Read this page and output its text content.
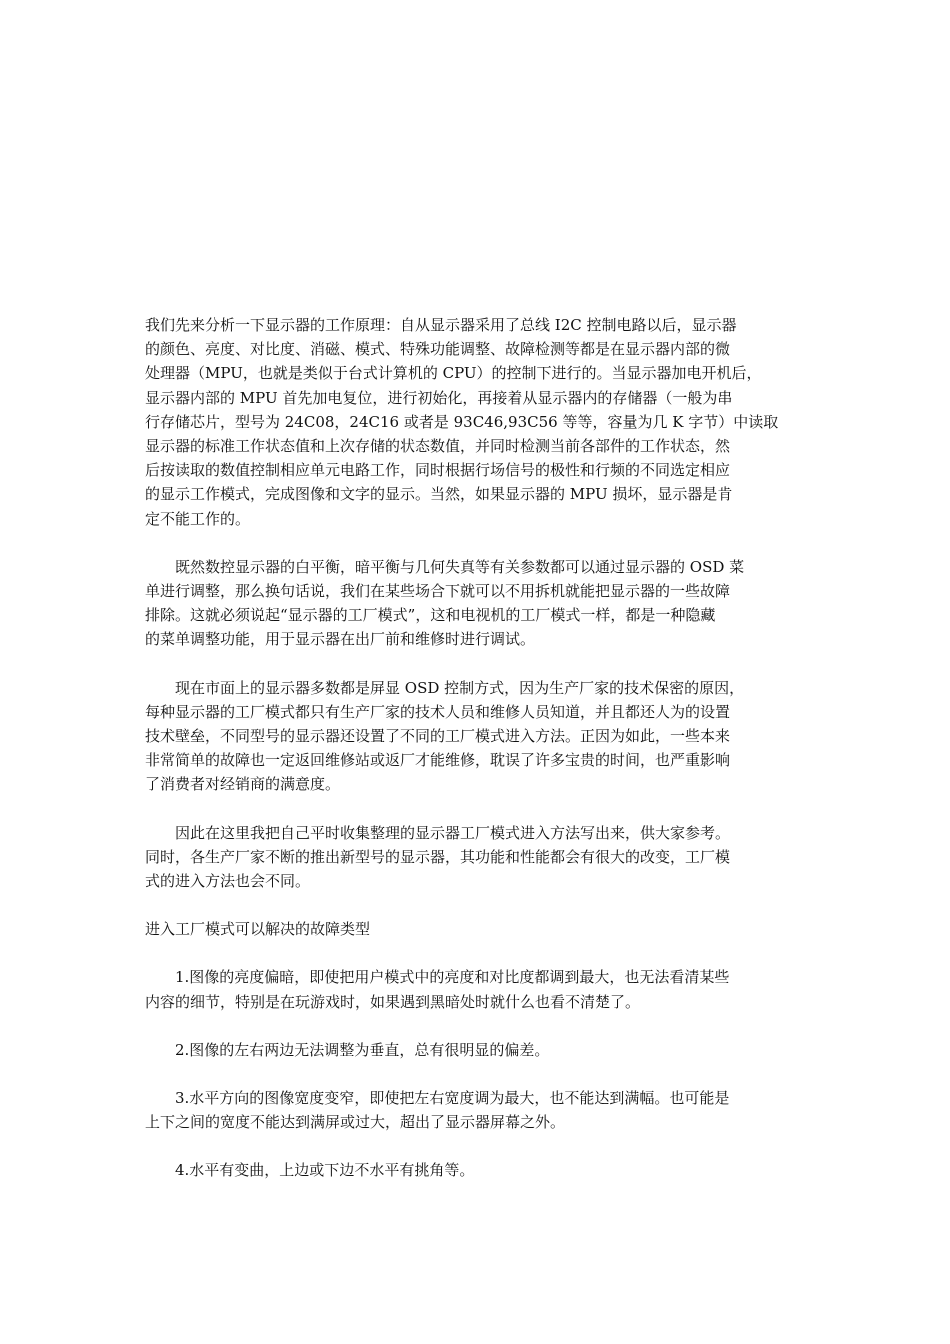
我们先来分析一下显示器的工作原理：自从显示器采用了总线 I2C 控制电路以后，显示器
的颜色、亮度、对比度、消磁、模式、特殊功能调整、故障检测等都是在显示器内部的微
处理器（MPU，也就是类似于台式计算机的 CPU）的控制下进行的。当显示器加电开机后，
显示器内部的 MPU 首先加电复位，进行初始化，再接着从显示器内的存储器（一般为串
行存储芯片，型号为 24C08，24C16 或者是 93C46,93C56 等等，容量为几 K 字节）中读取
显示器的标准工作状态值和上次存储的状态数值，并同时检测当前各部件的工作状态，然
后按读取的数值控制相应单元电路工作，同时根据行场信号的极性和行频的不同选定相应
的显示工作模式，完成图像和文字的显示。当然，如果显示器的 MPU 损坏，显示器是肯
定不能工作的。

既然数控显示器的白平衡，暗平衡与几何失真等有关参数都可以通过显示器的 OSD 菜
单进行调整，那么换句话说，我们在某些场合下就可以不用拆机就能把显示器的一些故障
排除。这就必须说起“显示器的工厂模式”，这和电视机的工厂模式一样，都是一种隐藏
的菜单调整功能，用于显示器在出厂前和维修时进行调试。

现在市面上的显示器多数都是屏显 OSD 控制方式，因为生产厂家的技术保密的原因，
每种显示器的工厂模式都只有生产厂家的技术人员和维修人员知道，并且都还人为的设置
技术壁垒，不同型号的显示器还设置了不同的工厂模式进入方法。正因为如此，一些本来
非常简单的故障也一定返回维修站或返厂才能维修，耽误了许多宝贵的时间，也严重影响
了消费者对经销商的满意度。

因此在这里我把自己平时收集整理的显示器工厂模式进入方法写出来，供大家参考。
同时，各生产厂家不断的推出新型号的显示器，其功能和性能都会有很大的改变，工厂模
式的进入方法也会不同。

进入工厂模式可以解决的故障类型

1.图像的亮度偏暗，即使把用户模式中的亮度和对比度都调到最大，也无法看清某些
内容的细节，特别是在玩游戏时，如果遇到黑暗处时就什么也看不清楚了。

2.图像的左右两边无法调整为垂直，总有很明显的偏差。

3.水平方向的图像宽度变窄，即使把左右宽度调为最大，也不能达到满幅。也可能是
上下之间的宽度不能达到满屏或过大，超出了显示器屏幕之外。

4.水平有变曲，上边或下边不水平有挑角等。
